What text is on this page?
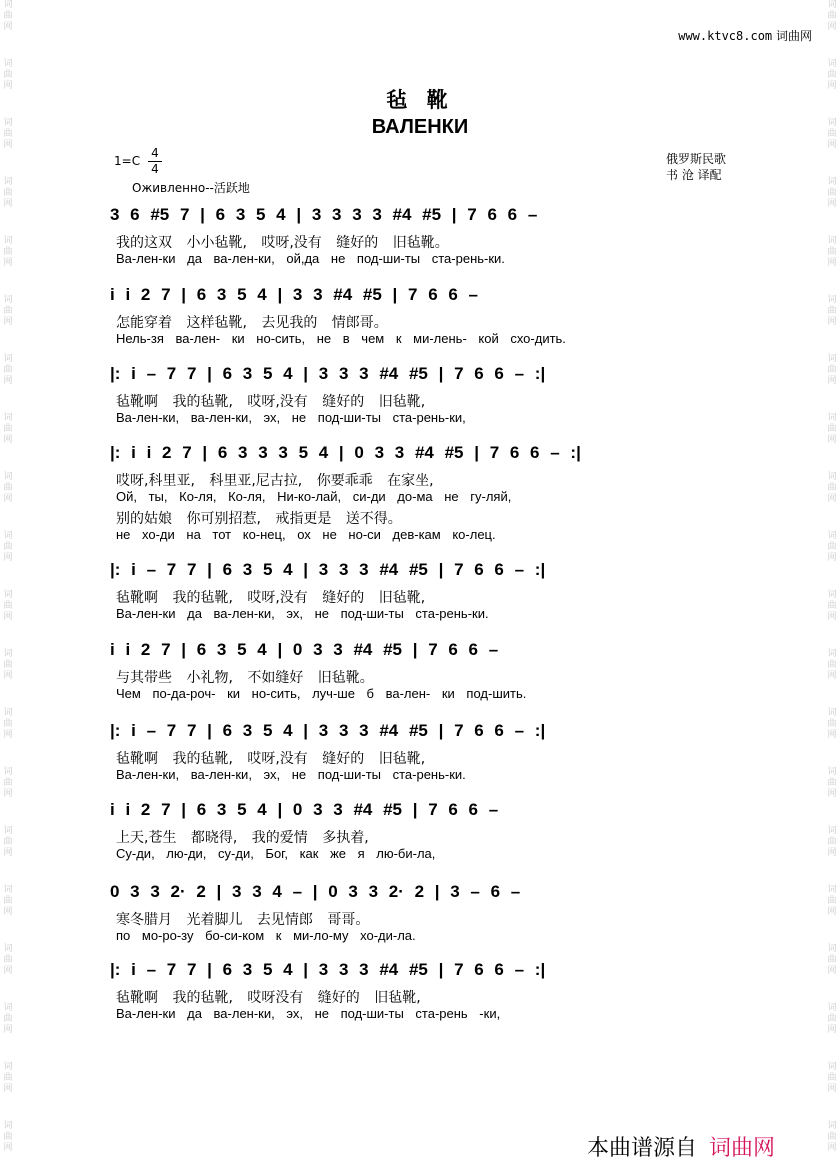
词
曲
网
词
曲
网
词
曲
网
词
曲
网
词
曲
网
词
曲
网
词
曲
网
词
曲
网
词
曲
网
词
曲
网
词
曲
网
词
曲
网
词
曲
网
词
曲
网
词
曲
网
词
曲
网
词
曲
网
词
曲
网
词
曲
网
词
曲
网
词
曲
网
词
曲
网
词
曲
网
词
曲
网
词
曲
网
词
曲
网
词
曲
网
词
曲
网
词
曲
网
词
曲
网
词
曲
网
词
曲
网
词
曲
网
词
曲
网
词
曲
网
词
曲
网
词
曲
网
词
曲
网
词
曲
网
词
曲
网
www.ktvc8.com 词曲网
毡 靴
ВАЛЕНКИ
$1=C \frac{4}{4}$
Оживленно--活跃地
俄罗斯民歌
书 沧 译配
3 6 #5 7 | 6 3 5 4 | 3 3 3 3 #4 #5 | 7 6 6 –
我的这双 小小毡靴, 哎呀,没有 缝好的 旧毡靴。
Ва-лен-ки да ва-лен-ки, ой,да не под-ши-ты ста-рень-ки.
i i 2 7 | 6 3 5 4 | 3 3 #4 #5 | 7 6 6 –
怎能穿着 这样毡靴, 去见我的 情郎哥。
Нель-зя ва-лен- ки но-сить, не в чем к ми-лень- кой схо-дить.
|: i – 7 7 | 6 3 5 4 | 3 3 3 #4 #5 | 7 6 6 – :|
毡靴啊 我的毡靴, 哎呀,没有 缝好的 旧毡靴,
Ва-лен-ки, ва-лен-ки, эх, не под-ши-ты ста-рень-ки,
|: i i 2 7 | 6 3 3 3 5 4 | 0 3 3 #4 #5 | 7 6 6 – :|
哎呀,科里亚, 科里亚,尼古拉, 你要乖乖 在家坐,
Ой, ты, Ко-ля, Ко-ля, Ни-ко-лай, си-ди до-ма не гу-ляй,
别的姑娘 你可别招惹, 戒指更是 送不得。
не хо-ди на тот ко-нец, ох не но-си дев-кам ко-лец.
|: i – 7 7 | 6 3 5 4 | 3 3 3 #4 #5 | 7 6 6 – :|
毡靴啊 我的毡靴, 哎呀,没有 缝好的 旧毡靴,
Ва-лен-ки да ва-лен-ки, эх, не под-ши-ты ста-рень-ки.
i i 2 7 | 6 3 5 4 | 0 3 3 #4 #5 | 7 6 6 –
与其带些 小礼物, 不如缝好 旧毡靴。
Чем по-да-роч- ки но-сить, луч-ше б ва-лен- ки под-шить.
|: i – 7 7 | 6 3 5 4 | 3 3 3 #4 #5 | 7 6 6 – :|
毡靴啊 我的毡靴, 哎呀,没有 缝好的 旧毡靴,
Ва-лен-ки, ва-лен-ки, эх, не под-ши-ты ста-рень-ки.
i i 2 7 | 6 3 5 4 | 0 3 3 #4 #5 | 7 6 6 –
上天,苍生 都晓得, 我的爱情 多执着,
Су-ди, лю-ди, су-ди, Бог, как же я лю-би-ла,
0 3 3 2· 2 | 3 3 4 – | 0 3 3 2· 2 | 3 – 6 –
寒冬腊月 光着脚儿 去见情郎 哥哥。
по мо-ро-зу бо-си-ком к ми-ло-му хо-ди-ла.
|: i – 7 7 | 6 3 5 4 | 3 3 3 #4 #5 | 7 6 6 – :|
毡靴啊 我的毡靴, 哎呀没有 缝好的 旧毡靴,
Ва-лен-ки да ва-лен-ки, эх, не под-ши-ты ста-рень -ки,
本曲谱源自 词曲网
